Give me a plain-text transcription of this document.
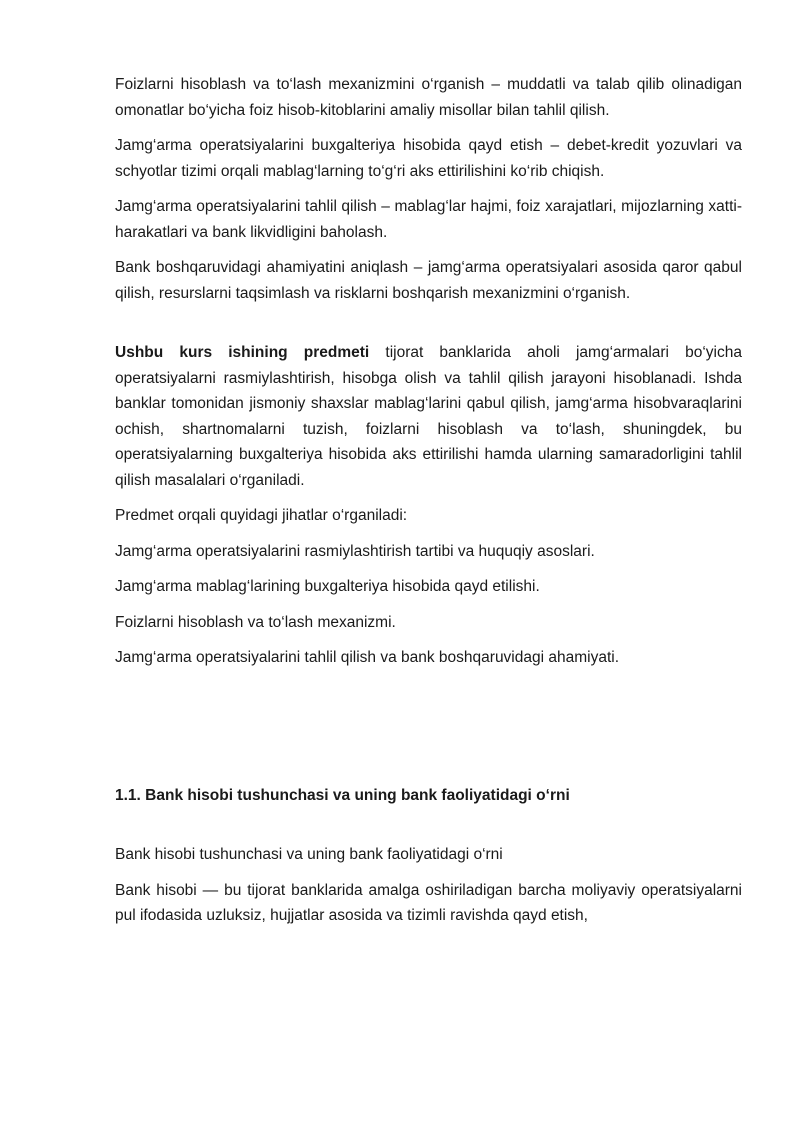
Foizlarni hisoblash va to‘lash mexanizmini o‘rganish – muddatli va talab qilib olinadigan omonatlar bo‘yicha foiz hisob-kitoblarini amaliy misollar bilan tahlil qilish.

Jamg‘arma operatsiyalarini buxgalteriya hisobida qayd etish – debet-kredit yozuvlari va schyotlar tizimi orqali mablag‘larning to‘g‘ri aks ettirilishini ko‘rib chiqish.

Jamg‘arma operatsiyalarini tahlil qilish – mablag‘lar hajmi, foiz xarajatlari, mijozlarning xatti-harakatlari va bank likvidligini baholash.

Bank boshqaruvidagi ahamiyatini aniqlash – jamg‘arma operatsiyalari asosida qaror qabul qilish, resurslarni taqsimlash va risklarni boshqarish mexanizmini o‘rganish.

Ushbu kurs ishining predmeti tijorat banklarida aholi jamg‘armalari bo‘yicha operatsiyalarni rasmiylashtirish, hisobga olish va tahlil qilish jarayoni hisoblanadi. Ishda banklar tomonidan jismoniy shaxslar mablag‘larini qabul qilish, jamg‘arma hisobvaraqlarini ochish, shartnomalarni tuzish, foizlarni hisoblash va to‘lash, shuningdek, bu operatsiyalarning buxgalteriya hisobida aks ettirilishi hamda ularning samaradorligini tahlil qilish masalalari o‘rganiladi.

Predmet orqali quyidagi jihatlar o‘rganiladi:

Jamg‘arma operatsiyalarini rasmiylashtirish tartibi va huquqiy asoslari.

Jamg‘arma mablag‘larining buxgalteriya hisobida qayd etilishi.

Foizlarni hisoblash va to‘lash mexanizmi.

Jamg‘arma operatsiyalarini tahlil qilish va bank boshqaruvidagi ahamiyati.

1.1. Bank hisobi tushunchasi va uning bank faoliyatidagi o‘rni

Bank hisobi tushunchasi va uning bank faoliyatidagi o‘rni

Bank hisobi — bu tijorat banklarida amalga oshiriladigan barcha moliyaviy operatsiyalarni pul ifodasida uzluksiz, hujjatlar asosida va tizimli ravishda qayd etish,
